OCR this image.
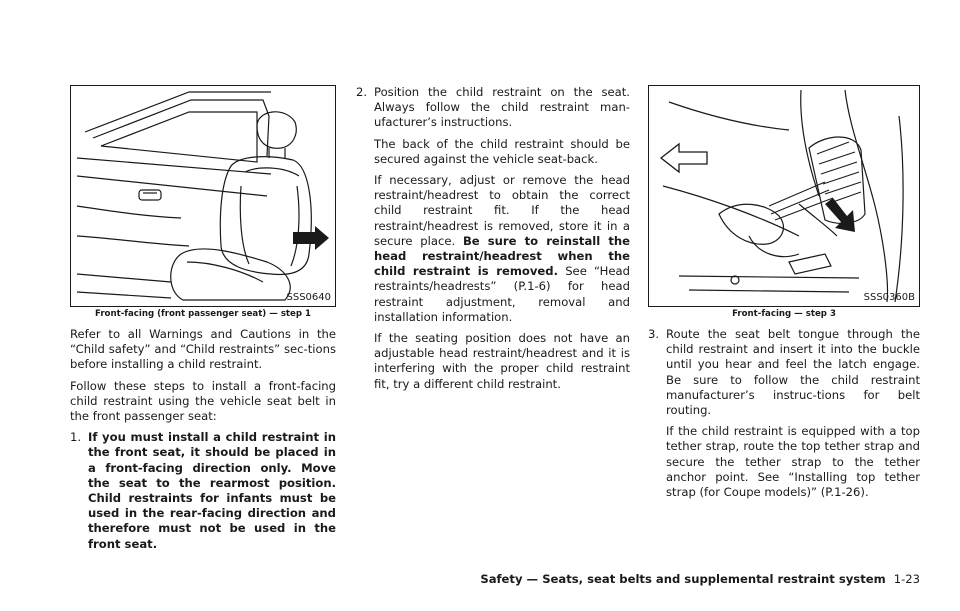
SSS0640
Front-facing (front passenger seat) — step 1

Refer to all Warnings and Cautions in the “Child safety” and “Child restraints” sec-tions before installing a child restraint.

Follow these steps to install a front-facing child restraint using the vehicle seat belt in the front passenger seat:

1. If you must install a child restraint in the front seat, it should be placed in a front-facing direction only. Move the seat to the rearmost position. Child restraints for infants must be used in the rear-facing direction and therefore must not be used in the front seat.

2. Position the child restraint on the seat. Always follow the child restraint man-ufacturer’s instructions.

The back of the child restraint should be secured against the vehicle seat-back.

If necessary, adjust or remove the head restraint/headrest to obtain the correct child restraint fit. If the head restraint/headrest is removed, store it in a secure place. Be sure to reinstall the head restraint/headrest when the child restraint is removed. See “Head restraints/headrests” (P.1-6) for head restraint adjustment, removal and installation information.

If the seating position does not have an adjustable head restraint/headrest and it is interfering with the proper child restraint fit, try a different child restraint.

SSS0360B
Front-facing — step 3
3. Route the seat belt tongue through the child restraint and insert it into the buckle until you hear and feel the latch engage. Be sure to follow the child restraint manufacturer’s instruc-tions for belt routing.

If the child restraint is equipped with a top tether strap, route the top tether strap and secure the tether strap to the tether anchor point. See “Installing top tether strap (for Coupe models)” (P.1-26).

Safety — Seats, seat belts and supplemental restraint system 1-23
